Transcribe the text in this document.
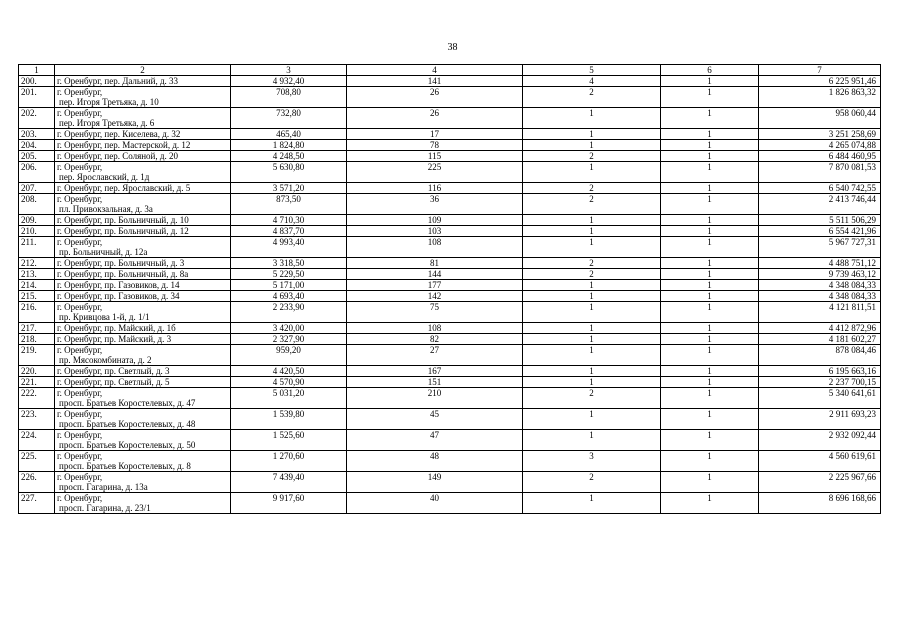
38
1	2	3	4	5	6	7
200.	г. Оренбург, пер. Дальний, д. 33	4 932,40	141	4	1	6 225 951,46
201.	г. Оренбург,
пер. Игоря Третьяка, д. 10	708,80	26	2	1	1 826 863,32
202.	г. Оренбург,
пер. Игоря Третьяка, д. 6	732,80	26	1	1	958 060,44
203.	г. Оренбург, пер. Киселева, д. 32	465,40	17	1	1	3 251 258,69
204.	г. Оренбург, пер. Мастерской, д. 12	1 824,80	78	1	1	4 265 074,88
205.	г. Оренбург, пер. Соляной, д. 20	4 248,50	115	2	1	6 484 460,95
206.	г. Оренбург,
пер. Ярославский, д. 1д	5 630,80	225	1	1	7 870 081,53
207.	г. Оренбург, пер. Ярославский, д. 5	3 571,20	116	2	1	6 540 742,55
208.	г. Оренбург,
пл. Привокзальная, д. 3а	873,50	36	2	1	2 413 746,44
209.	г. Оренбург, пр. Больничный, д. 10	4 710,30	109	1	1	5 511 506,29
210.	г. Оренбург, пр. Больничный, д. 12	4 837,70	103	1	1	6 554 421,96
211.	г. Оренбург,
пр. Больничный, д. 12а	4 993,40	108	1	1	5 967 727,31
212.	г. Оренбург, пр. Больничный, д. 3	3 318,50	81	2	1	4 488 751,12
213.	г. Оренбург, пр. Больничный, д. 8а	5 229,50	144	2	1	9 739 463,12
214.	г. Оренбург, пр. Газовиков, д. 14	5 171,00	177	1	1	4 348 084,33
215.	г. Оренбург, пр. Газовиков, д. 34	4 693,40	142	1	1	4 348 084,33
216.	г. Оренбург,
пр. Кривцова 1-й, д. 1/1	2 233,90	75	1	1	4 121 811,51
217.	г. Оренбург, пр. Майский, д. 1б	3 420,00	108	1	1	4 412 872,96
218.	г. Оренбург, пр. Майский, д. 3	2 327,90	82	1	1	4 181 602,27
219.	г. Оренбург,
пр. Мясокомбината, д. 2	959,20	27	1	1	878 084,46
220.	г. Оренбург, пр. Светлый, д. 3	4 420,50	167	1	1	6 195 663,16
221.	г. Оренбург, пр. Светлый, д. 5	4 570,90	151	1	1	2 237 700,15
222.	г. Оренбург,
просп. Братьев Коростелевых, д. 47	5 031,20	210	2	1	5 340 641,61
223.	г. Оренбург,
просп. Братьев Коростелевых, д. 48	1 539,80	45	1	1	2 911 693,23
224.	г. Оренбург,
просп. Братьев Коростелевых, д. 50	1 525,60	47	1	1	2 932 092,44
225.	г. Оренбург,
просп. Братьев Коростелевых, д. 8	1 270,60	48	3	1	4 560 619,61
226.	г. Оренбург,
просп. Гагарина, д. 13а	7 439,40	149	2	1	2 225 967,66
227.	г. Оренбург,
просп. Гагарина, д. 23/1	9 917,60	40	1	1	8 696 168,66
